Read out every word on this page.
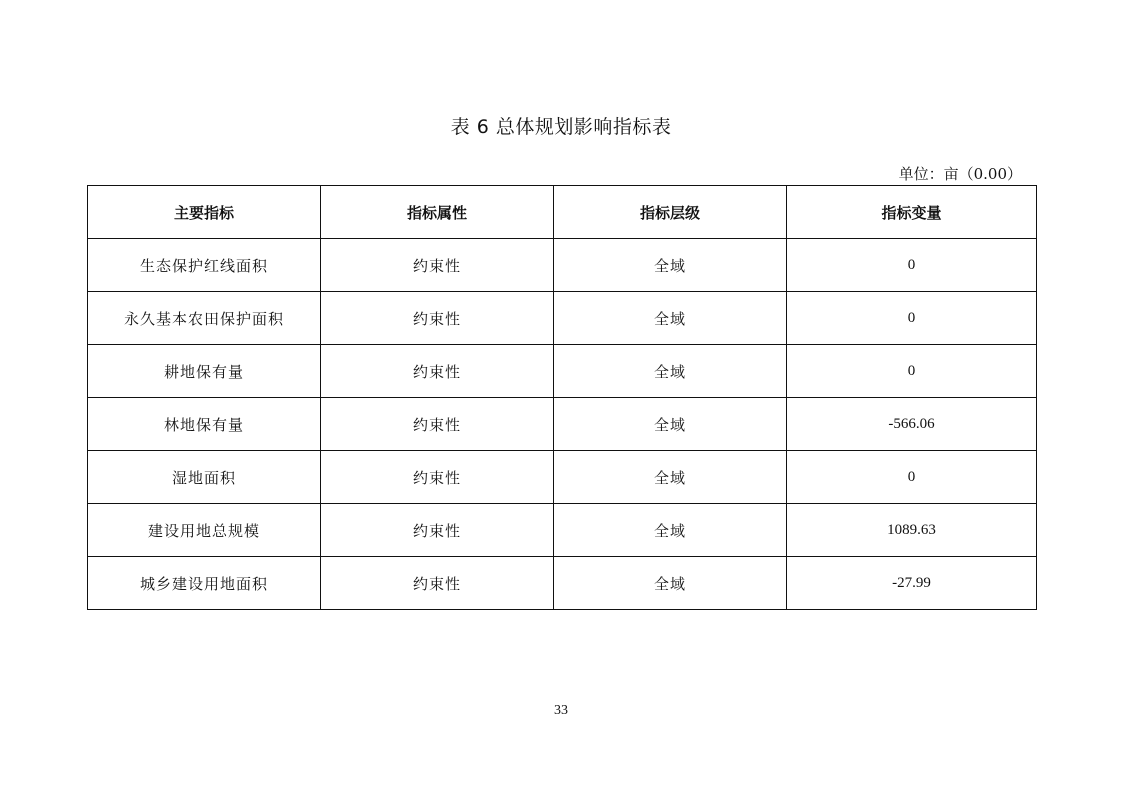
表 6 总体规划影响指标表
单位：亩（0.00）
主要指标	指标属性	指标层级	指标变量
生态保护红线面积	约束性	全域	0
永久基本农田保护面积	约束性	全域	0
耕地保有量	约束性	全域	0
林地保有量	约束性	全域	-566.06
湿地面积	约束性	全域	0
建设用地总规模	约束性	全域	1089.63
城乡建设用地面积	约束性	全域	-27.99
33
